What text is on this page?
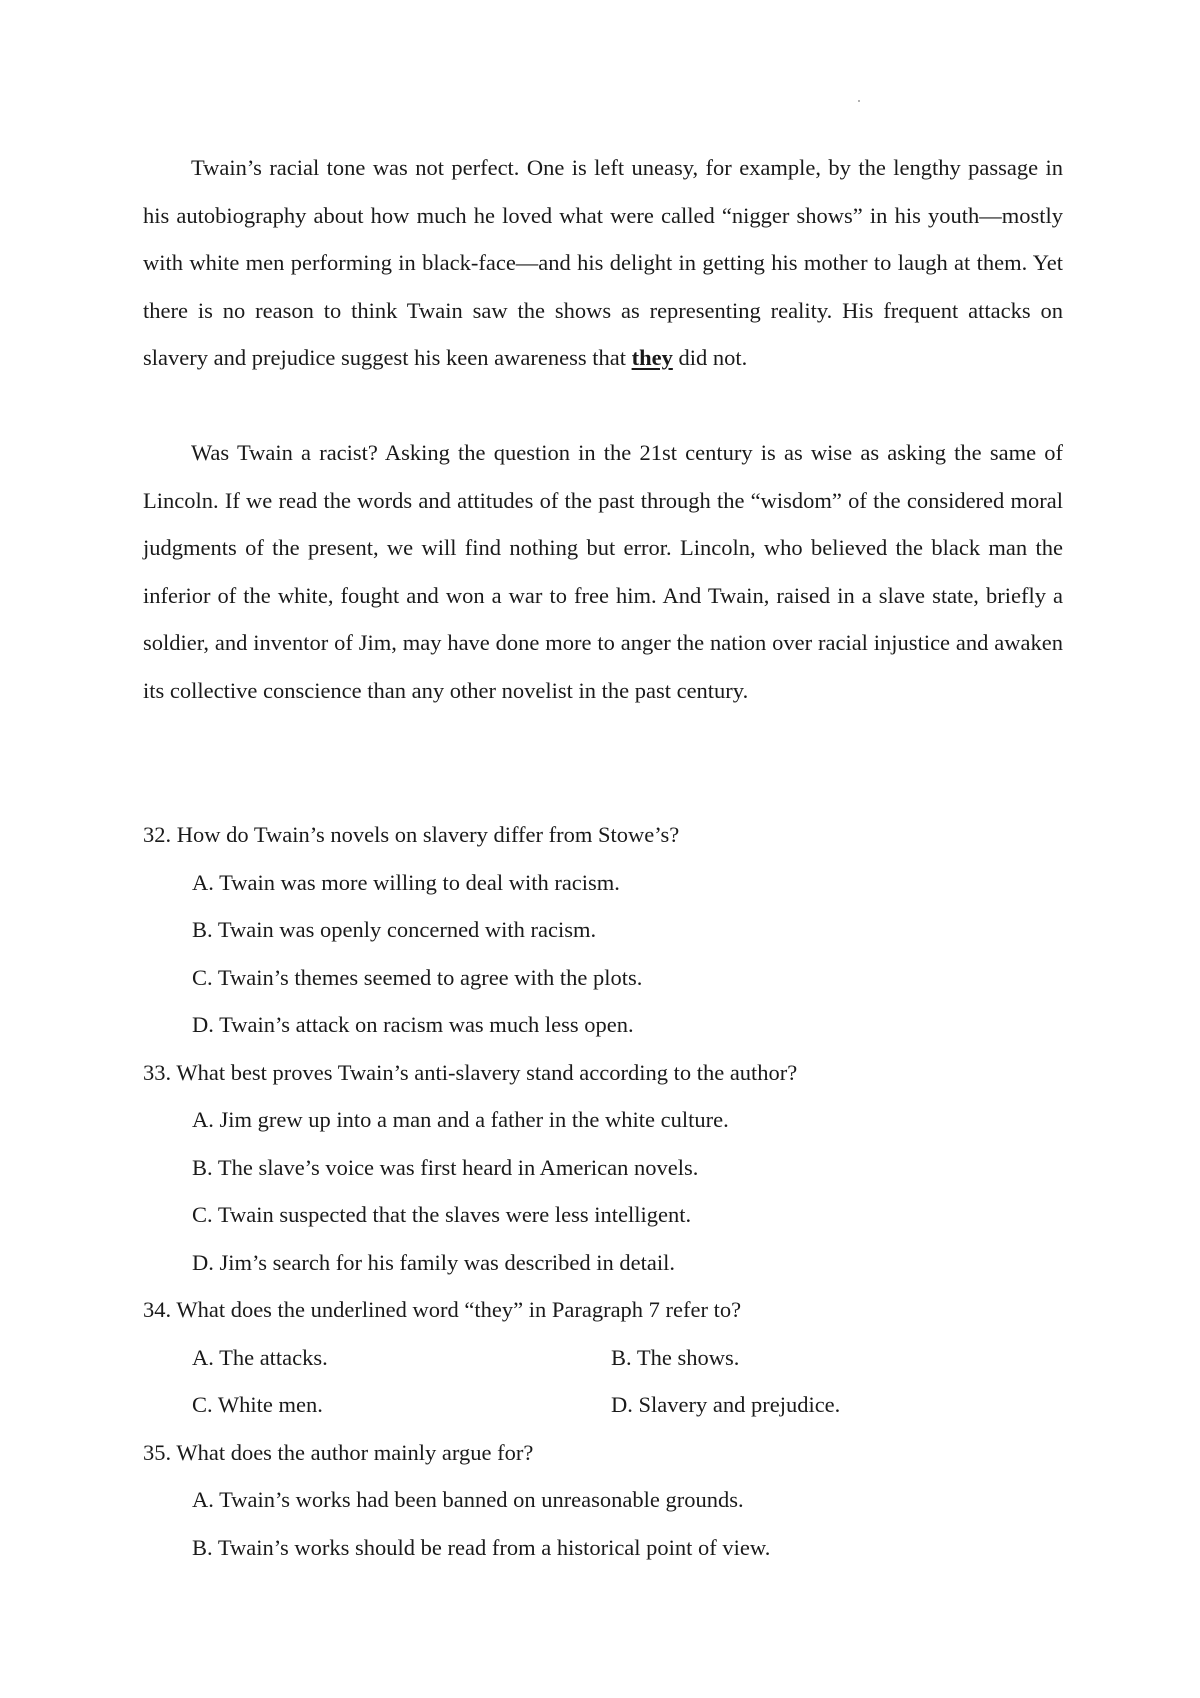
Twain’s racial tone was not perfect. One is left uneasy, for example, by the lengthy passage in his autobiography about how much he loved what were called “nigger shows” in his youth—mostly with white men performing in black-face—and his delight in getting his mother to laugh at them. Yet there is no reason to think Twain saw the shows as representing reality. His frequent attacks on slavery and prejudice suggest his keen awareness that they did not.

Was Twain a racist? Asking the question in the 21st century is as wise as asking the same of Lincoln. If we read the words and attitudes of the past through the “wisdom” of the considered moral judgments of the present, we will find nothing but error. Lincoln, who believed the black man the inferior of the white, fought and won a war to free him. And Twain, raised in a slave state, briefly a soldier, and inventor of Jim, may have done more to anger the nation over racial injustice and awaken its collective conscience than any other novelist in the past century.

32. How do Twain’s novels on slavery differ from Stowe’s?
A. Twain was more willing to deal with racism.
B. Twain was openly concerned with racism.
C. Twain’s themes seemed to agree with the plots.
D. Twain’s attack on racism was much less open.
33. What best proves Twain’s anti-slavery stand according to the author?
A. Jim grew up into a man and a father in the white culture.
B. The slave’s voice was first heard in American novels.
C. Twain suspected that the slaves were less intelligent.
D. Jim’s search for his family was described in detail.
34. What does the underlined word “they” in Paragraph 7 refer to?
A. The attacks.	B. The shows.
C. White men.	D. Slavery and prejudice.
35. What does the author mainly argue for?
A. Twain’s works had been banned on unreasonable grounds.
B. Twain’s works should be read from a historical point of view.
